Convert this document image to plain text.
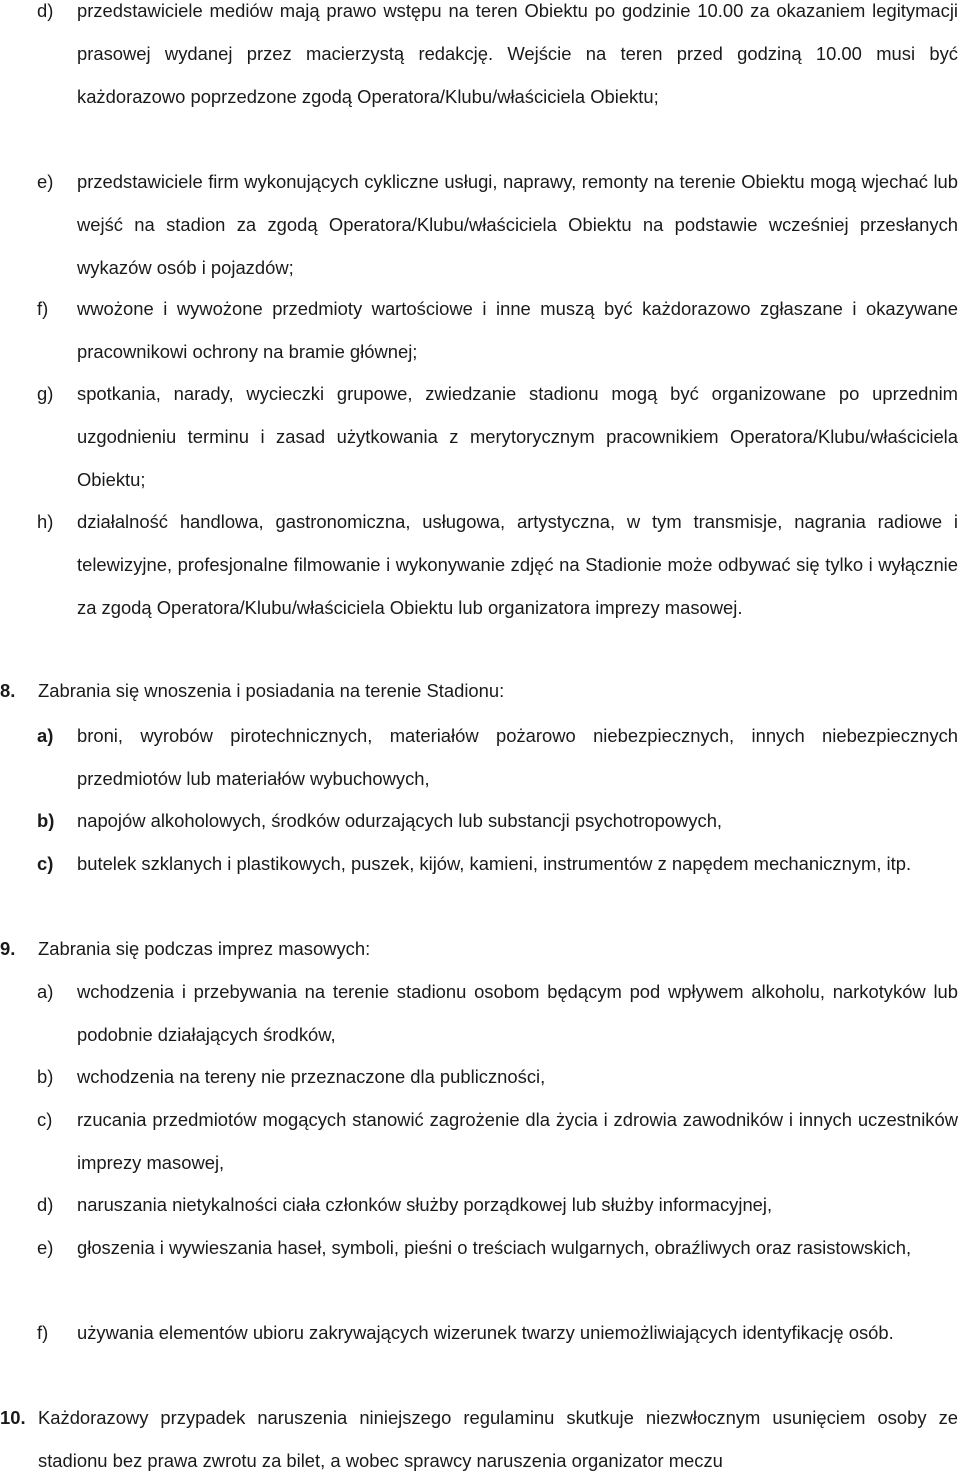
d) przedstawiciele mediów mają prawo wstępu na teren Obiektu po godzinie 10.00 za okazaniem legitymacji prasowej wydanej przez macierzystą redakcję. Wejście na teren przed godziną 10.00 musi być każdorazowo poprzedzone zgodą Operatora/Klubu/właściciela Obiektu;
e) przedstawiciele firm wykonujących cykliczne usługi, naprawy, remonty na terenie Obiektu mogą wjechać lub wejść na stadion za zgodą Operatora/Klubu/właściciela Obiektu na podstawie wcześniej przesłanych wykazów osób i pojazdów;
f) wwożone i wywożone przedmioty wartościowe i inne muszą być każdorazowo zgłaszane i okazywane pracownikowi ochrony na bramie głównej;
g) spotkania, narady, wycieczki grupowe, zwiedzanie stadionu mogą być organizowane po uprzednim uzgodnieniu terminu i zasad użytkowania z merytorycznym pracownikiem Operatora/Klubu/właściciela Obiektu;
h) działalność handlowa, gastronomiczna, usługowa, artystyczna, w tym transmisje, nagrania radiowe i telewizyjne, profesjonalne filmowanie i wykonywanie zdjęć na Stadionie może odbywać się tylko i wyłącznie za zgodą Operatora/Klubu/właściciela Obiektu lub organizatora imprezy masowej.
8. Zabrania się wnoszenia i posiadania na terenie Stadionu:
a) broni, wyrobów pirotechnicznych, materiałów pożarowo niebezpiecznych, innych niebezpiecznych przedmiotów lub materiałów wybuchowych,
b) napojów alkoholowych, środków odurzających lub substancji psychotropowych,
c) butelek szklanych i plastikowych, puszek, kijów, kamieni, instrumentów z napędem mechanicznym, itp.
9. Zabrania się podczas imprez masowych:
a) wchodzenia i przebywania na terenie stadionu osobom będącym pod wpływem alkoholu, narkotyków lub podobnie działających środków,
b) wchodzenia na tereny nie przeznaczone dla publiczności,
c) rzucania przedmiotów mogących stanowić zagrożenie dla życia i zdrowia zawodników i innych uczestników imprezy masowej,
d) naruszania nietykalności ciała członków służby porządkowej lub służby informacyjnej,
e) głoszenia i wywieszania haseł, symboli, pieśni o treściach wulgarnych, obraźliwych oraz rasistowskich,
f) używania elementów ubioru zakrywających wizerunek twarzy uniemożliwiających identyfikację osób.
10. Każdorazowy przypadek naruszenia niniejszego regulaminu skutkuje niezwłocznym usunięciem osoby ze stadionu bez prawa zwrotu za bilet, a wobec sprawcy naruszenia organizator meczu
